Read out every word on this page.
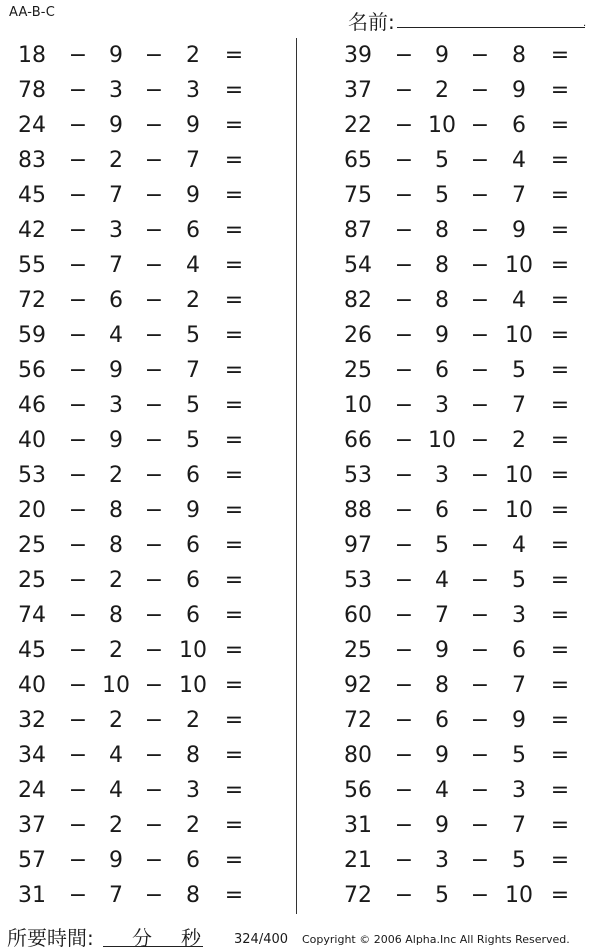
AA-B-C	名前:	.
18	− 9 −	2	=
78	− 3 −	3	=
24	− 9 −	9	=
83	− 2 −	7	=
45	− 7 −	9	=
42	− 3 −	6	=
55	− 7 −	4	=
72	− 6 −	2	=
59	− 4 −	5	=
56	− 9 −	7	=
46	− 3 −	5	=
40	− 9 −	5	=
53	− 2 −	6	=
20	− 8 −	9	=
25	− 8 −	6	=
25	− 2 −	6	=
74	− 8 −	6	=
45	− 2 − 10 =
40	− 10 − 10 =
32	− 2 −	2	=
34	− 4 −	8	=
24	− 4 −	3	=
37	− 2 −	2	=
57	− 9 −	6	=
31	− 7 −	8	=
39	− 9 −	8	=
37	− 2 −	9	=
22	− 10 −	6	=
65	− 5 −	4	=
75	− 5 −	7	=
87	− 8 −	9	=
54	− 8 − 10 =
82	− 8 −	4	=
26	− 9 − 10 =
25	− 6 −	5	=
10	− 3 −	7	=
66	− 10 −	2	=
53	− 3 − 10 =
88	− 6 − 10 =
97	− 5 −	4	=
53	− 4 −	5	=
60	− 7 −	3	=
25	− 9 −	6	=
92	− 8 −	7	=
72	− 6 −	9	=
80	− 9 −	5	=
56	− 4 −	3	=
31	− 9 −	7	=
21	− 3 −	5	=
72	− 5 − 10 =
所要時間: 分 秒	324/400 Copyright © 2006 Alpha.Inc All Rights Reserved.
